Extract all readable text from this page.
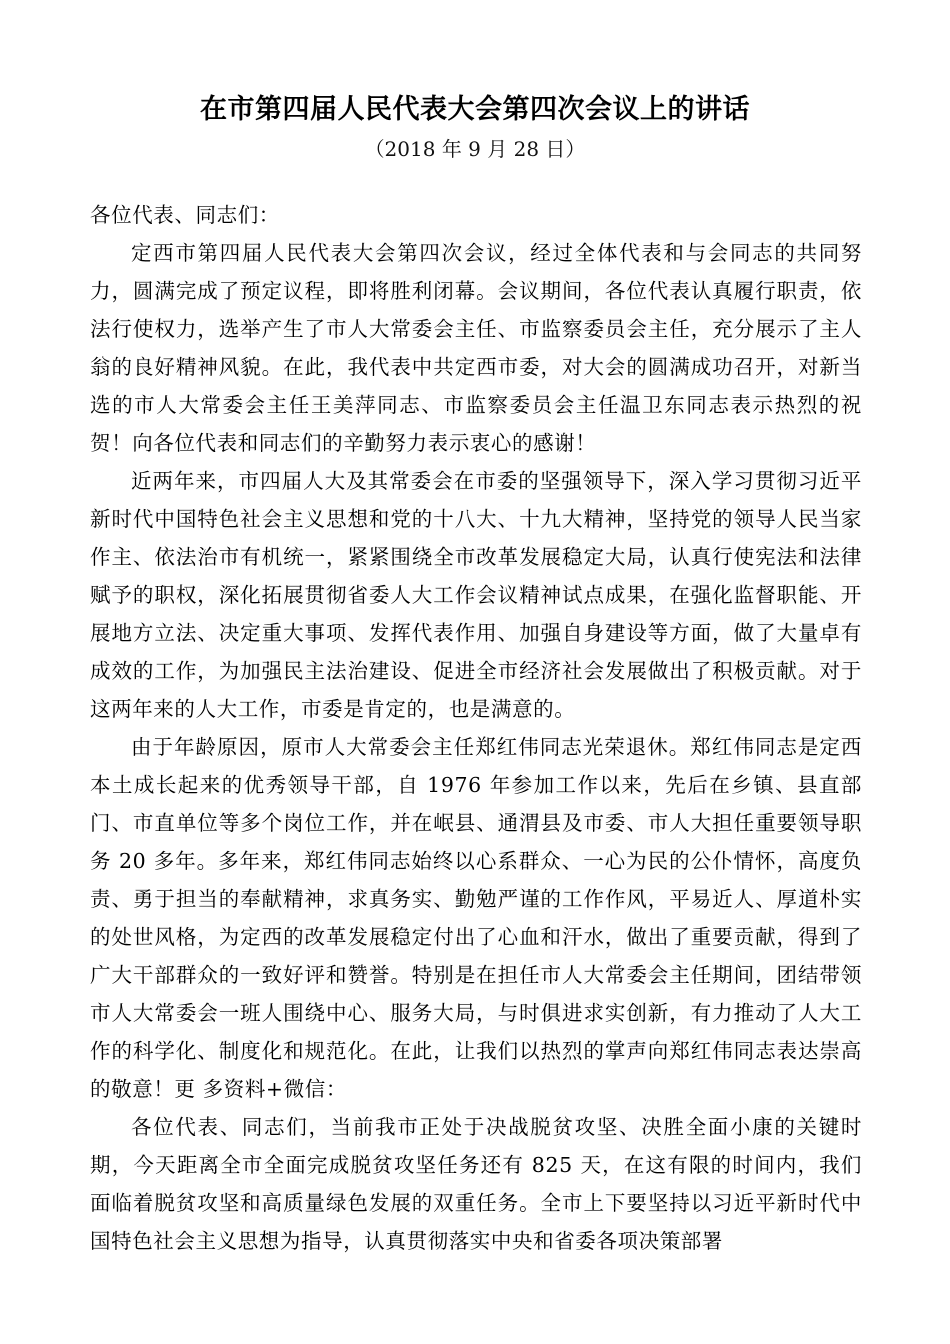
在市第四届人民代表大会第四次会议上的讲话
（2018 年 9 月 28 日）

各位代表、同志们：

定西市第四届人民代表大会第四次会议，经过全体代表和与会同志的共同努力，圆满完成了预定议程，即将胜利闭幕。会议期间，各位代表认真履行职责，依法行使权力，选举产生了市人大常委会主任、市监察委员会主任，充分展示了主人翁的良好精神风貌。在此，我代表中共定西市委，对大会的圆满成功召开，对新当选的市人大常委会主任王美萍同志、市监察委员会主任温卫东同志表示热烈的祝贺！向各位代表和同志们的辛勤努力表示衷心的感谢！

近两年来，市四届人大及其常委会在市委的坚强领导下，深入学习贯彻习近平新时代中国特色社会主义思想和党的十八大、十九大精神，坚持党的领导人民当家作主、依法治市有机统一，紧紧围绕全市改革发展稳定大局，认真行使宪法和法律赋予的职权，深化拓展贯彻省委人大工作会议精神试点成果，在强化监督职能、开展地方立法、决定重大事项、发挥代表作用、加强自身建设等方面，做了大量卓有成效的工作，为加强民主法治建设、促进全市经济社会发展做出了积极贡献。对于这两年来的人大工作，市委是肯定的，也是满意的。

由于年龄原因，原市人大常委会主任郑红伟同志光荣退休。郑红伟同志是定西本土成长起来的优秀领导干部，自 1976 年参加工作以来，先后在乡镇、县直部门、市直单位等多个岗位工作，并在岷县、通渭县及市委、市人大担任重要领导职务 20 多年。多年来，郑红伟同志始终以心系群众、一心为民的公仆情怀，高度负责、勇于担当的奉献精神，求真务实、勤勉严谨的工作作风，平易近人、厚道朴实的处世风格，为定西的改革发展稳定付出了心血和汗水，做出了重要贡献，得到了广大干部群众的一致好评和赞誉。特别是在担任市人大常委会主任期间，团结带领市人大常委会一班人围绕中心、服务大局，与时俱进求实创新，有力推动了人大工作的科学化、制度化和规范化。在此，让我们以热烈的掌声向郑红伟同志表达崇高的敬意！更 多资料+微信：

各位代表、同志们，当前我市正处于决战脱贫攻坚、决胜全面小康的关键时期，今天距离全市全面完成脱贫攻坚任务还有 825 天，在这有限的时间内，我们面临着脱贫攻坚和高质量绿色发展的双重任务。全市上下要坚持以习近平新时代中国特色社会主义思想为指导，认真贯彻落实中央和省委各项决策部署
